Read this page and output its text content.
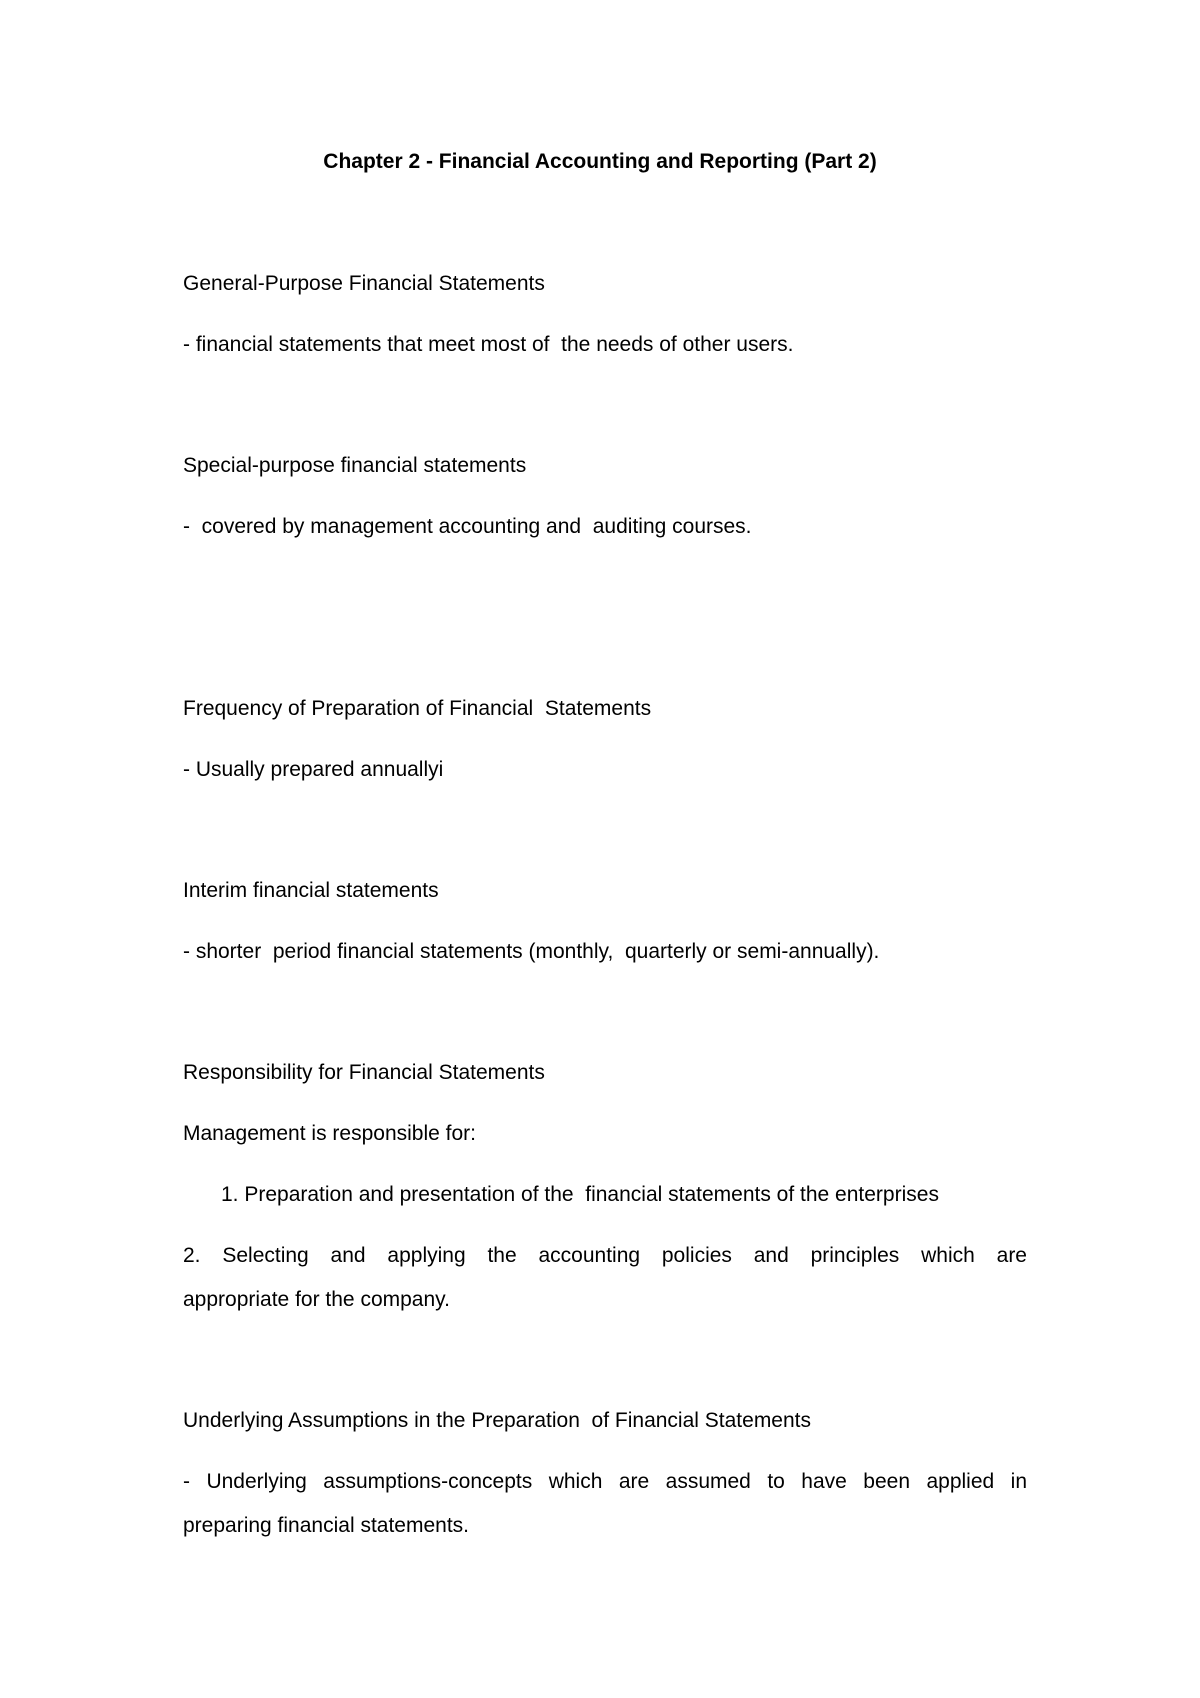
Chapter 2 - Financial Accounting and Reporting (Part 2)

General-Purpose Financial Statements

- financial statements that meet most of  the needs of other users.

Special-purpose financial statements

-  covered by management accounting and  auditing courses.

Frequency of Preparation of Financial  Statements

- Usually prepared annuallyi

Interim financial statements

- shorter  period financial statements (monthly,  quarterly or semi-annually).

Responsibility for Financial Statements

Management is responsible for:

1. Preparation and presentation of the  financial statements of the enterprises

2. Selecting and applying the accounting policies and principles which are

appropriate for the company.

Underlying Assumptions in the Preparation  of Financial Statements

- Underlying assumptions-concepts which are assumed to have been applied in

preparing financial statements.
